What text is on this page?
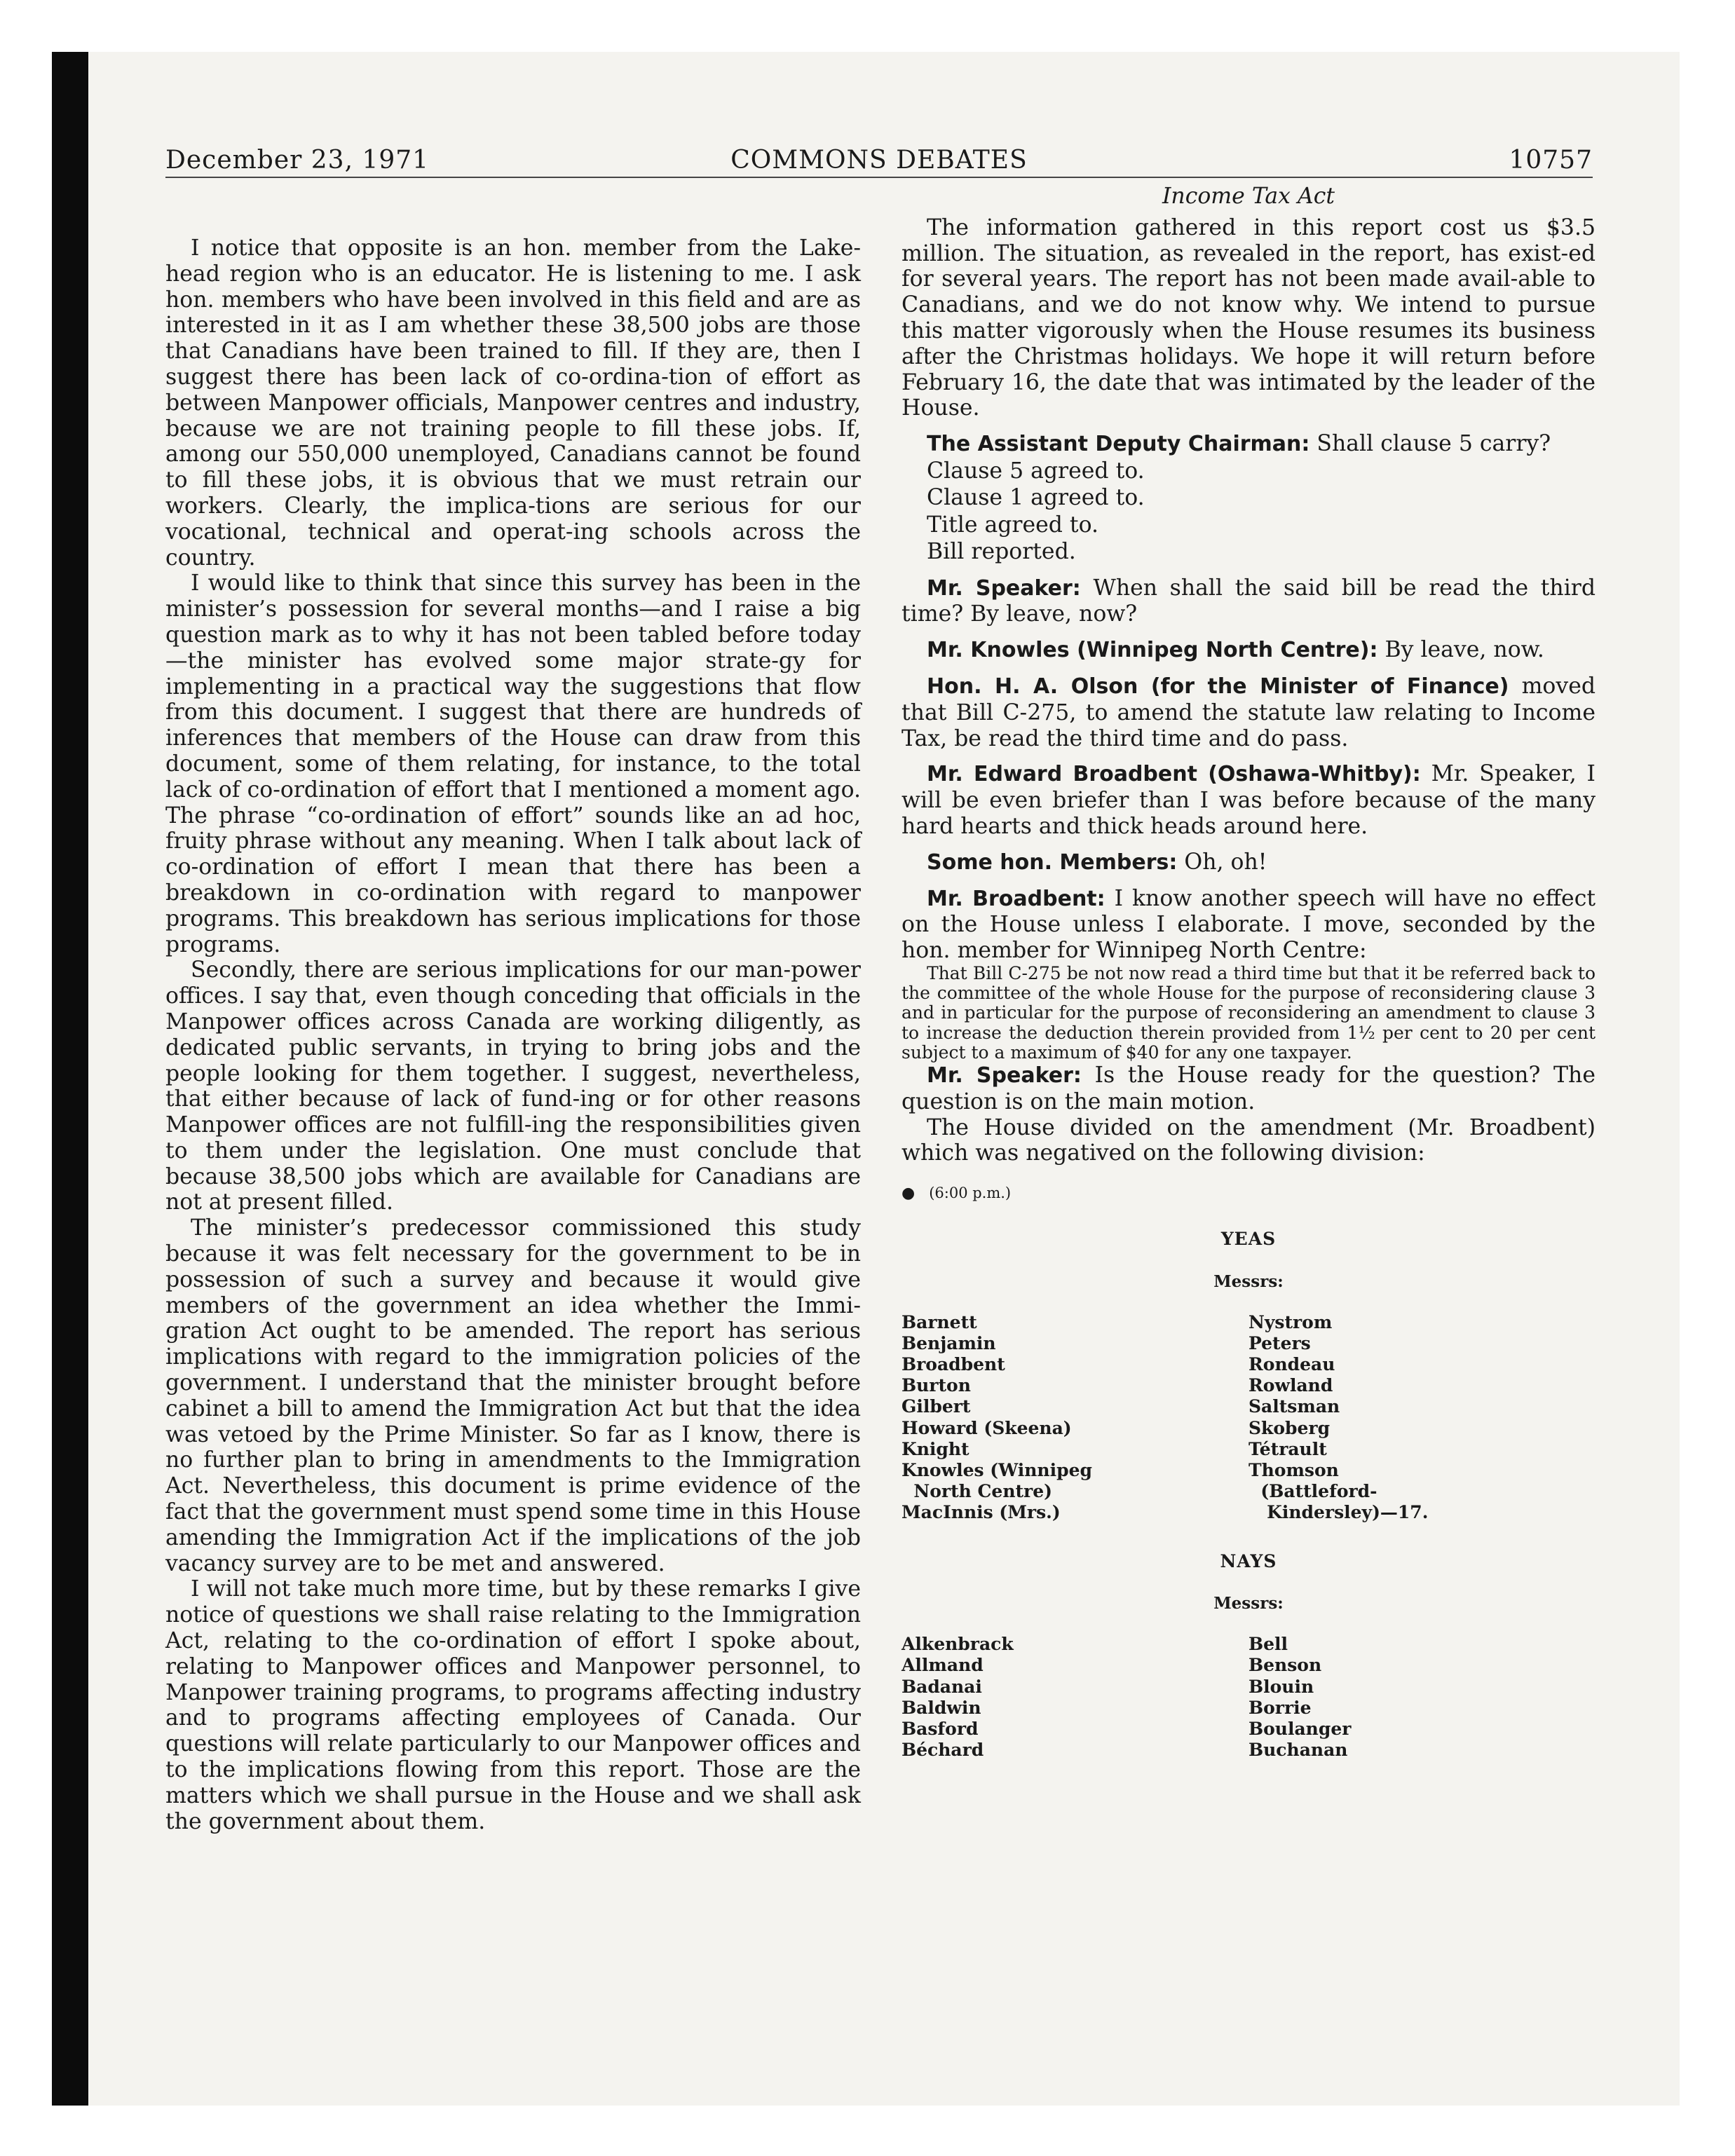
December 23, 1971	COMMONS DEBATES	10757

I notice that opposite is an hon. member from the Lake-head region who is an educator. He is listening to me. I ask hon. members who have been involved in this field and are as interested in it as I am whether these 38,500 jobs are those that Canadians have been trained to fill. If they are, then I suggest there has been lack of co-ordina-tion of effort as between Manpower officials, Manpower centres and industry, because we are not training people to fill these jobs. If, among our 550,000 unemployed, Canadians cannot be found to fill these jobs, it is obvious that we must retrain our workers. Clearly, the implica-tions are serious for our vocational, technical and operat-ing schools across the country.

I would like to think that since this survey has been in the minister’s possession for several months—and I raise a big question mark as to why it has not been tabled before today—the minister has evolved some major strate-gy for implementing in a practical way the suggestions that flow from this document. I suggest that there are hundreds of inferences that members of the House can draw from this document, some of them relating, for instance, to the total lack of co-ordination of effort that I mentioned a moment ago. The phrase “co-ordination of effort” sounds like an ad hoc, fruity phrase without any meaning. When I talk about lack of co-ordination of effort I mean that there has been a breakdown in co-ordination with regard to manpower programs. This breakdown has serious implications for those programs.

Secondly, there are serious implications for our man-power offices. I say that, even though conceding that officials in the Manpower offices across Canada are working diligently, as dedicated public servants, in trying to bring jobs and the people looking for them together. I suggest, nevertheless, that either because of lack of fund-ing or for other reasons Manpower offices are not fulfill-ing the responsibilities given to them under the legislation. One must conclude that because 38,500 jobs which are available for Canadians are not at present filled.

The minister’s predecessor commissioned this study because it was felt necessary for the government to be in possession of such a survey and because it would give members of the government an idea whether the Immi-gration Act ought to be amended. The report has serious implications with regard to the immigration policies of the government. I understand that the minister brought before cabinet a bill to amend the Immigration Act but that the idea was vetoed by the Prime Minister. So far as I know, there is no further plan to bring in amendments to the Immigration Act. Nevertheless, this document is prime evidence of the fact that the government must spend some time in this House amending the Immigration Act if the implications of the job vacancy survey are to be met and answered.

I will not take much more time, but by these remarks I give notice of questions we shall raise relating to the Immigration Act, relating to the co-ordination of effort I spoke about, relating to Manpower offices and Manpower personnel, to Manpower training programs, to programs affecting industry and to programs affecting employees of Canada. Our questions will relate particularly to our Manpower offices and to the implications flowing from this report. Those are the matters which we shall pursue in the House and we shall ask the government about them.

Income Tax Act

The information gathered in this report cost us $3.5 million. The situation, as revealed in the report, has exist-ed for several years. The report has not been made avail-able to Canadians, and we do not know why. We intend to pursue this matter vigorously when the House resumes its business after the Christmas holidays. We hope it will return before February 16, the date that was intimated by the leader of the House.

The Assistant Deputy Chairman: Shall clause 5 carry?

Clause 5 agreed to.

Clause 1 agreed to.

Title agreed to.

Bill reported.

Mr. Speaker: When shall the said bill be read the third time? By leave, now?

Mr. Knowles (Winnipeg North Centre): By leave, now.

Hon. H. A. Olson (for the Minister of Finance) moved that Bill C-275, to amend the statute law relating to Income Tax, be read the third time and do pass.

Mr. Edward Broadbent (Oshawa-Whitby): Mr. Speaker, I will be even briefer than I was before because of the many hard hearts and thick heads around here.

Some hon. Members: Oh, oh!

Mr. Broadbent: I know another speech will have no effect on the House unless I elaborate. I move, seconded by the hon. member for Winnipeg North Centre:

That Bill C-275 be not now read a third time but that it be referred back to the committee of the whole House for the purpose of reconsidering clause 3 and in particular for the purpose of reconsidering an amendment to clause 3 to increase the deduction therein provided from 1½ per cent to 20 per cent subject to a maximum of $40 for any one taxpayer.

Mr. Speaker: Is the House ready for the question? The question is on the main motion.

The House divided on the amendment (Mr. Broadbent) which was negatived on the following division:

● (6:00 p.m.)

YEAS
Messrs:
Barnett
Benjamin
Broadbent
Burton
Gilbert
Howard (Skeena)
Knight
Knowles (Winnipeg
North Centre)
MacInnis (Mrs.)
Nystrom
Peters
Rondeau
Rowland
Saltsman
Skoberg
Tétrault
Thomson
(Battleford-
Kindersley)—17.
NAYS
Messrs:
Alkenbrack
Allmand
Badanai
Baldwin
Basford
Béchard
Bell
Benson
Blouin
Borrie
Boulanger
Buchanan
